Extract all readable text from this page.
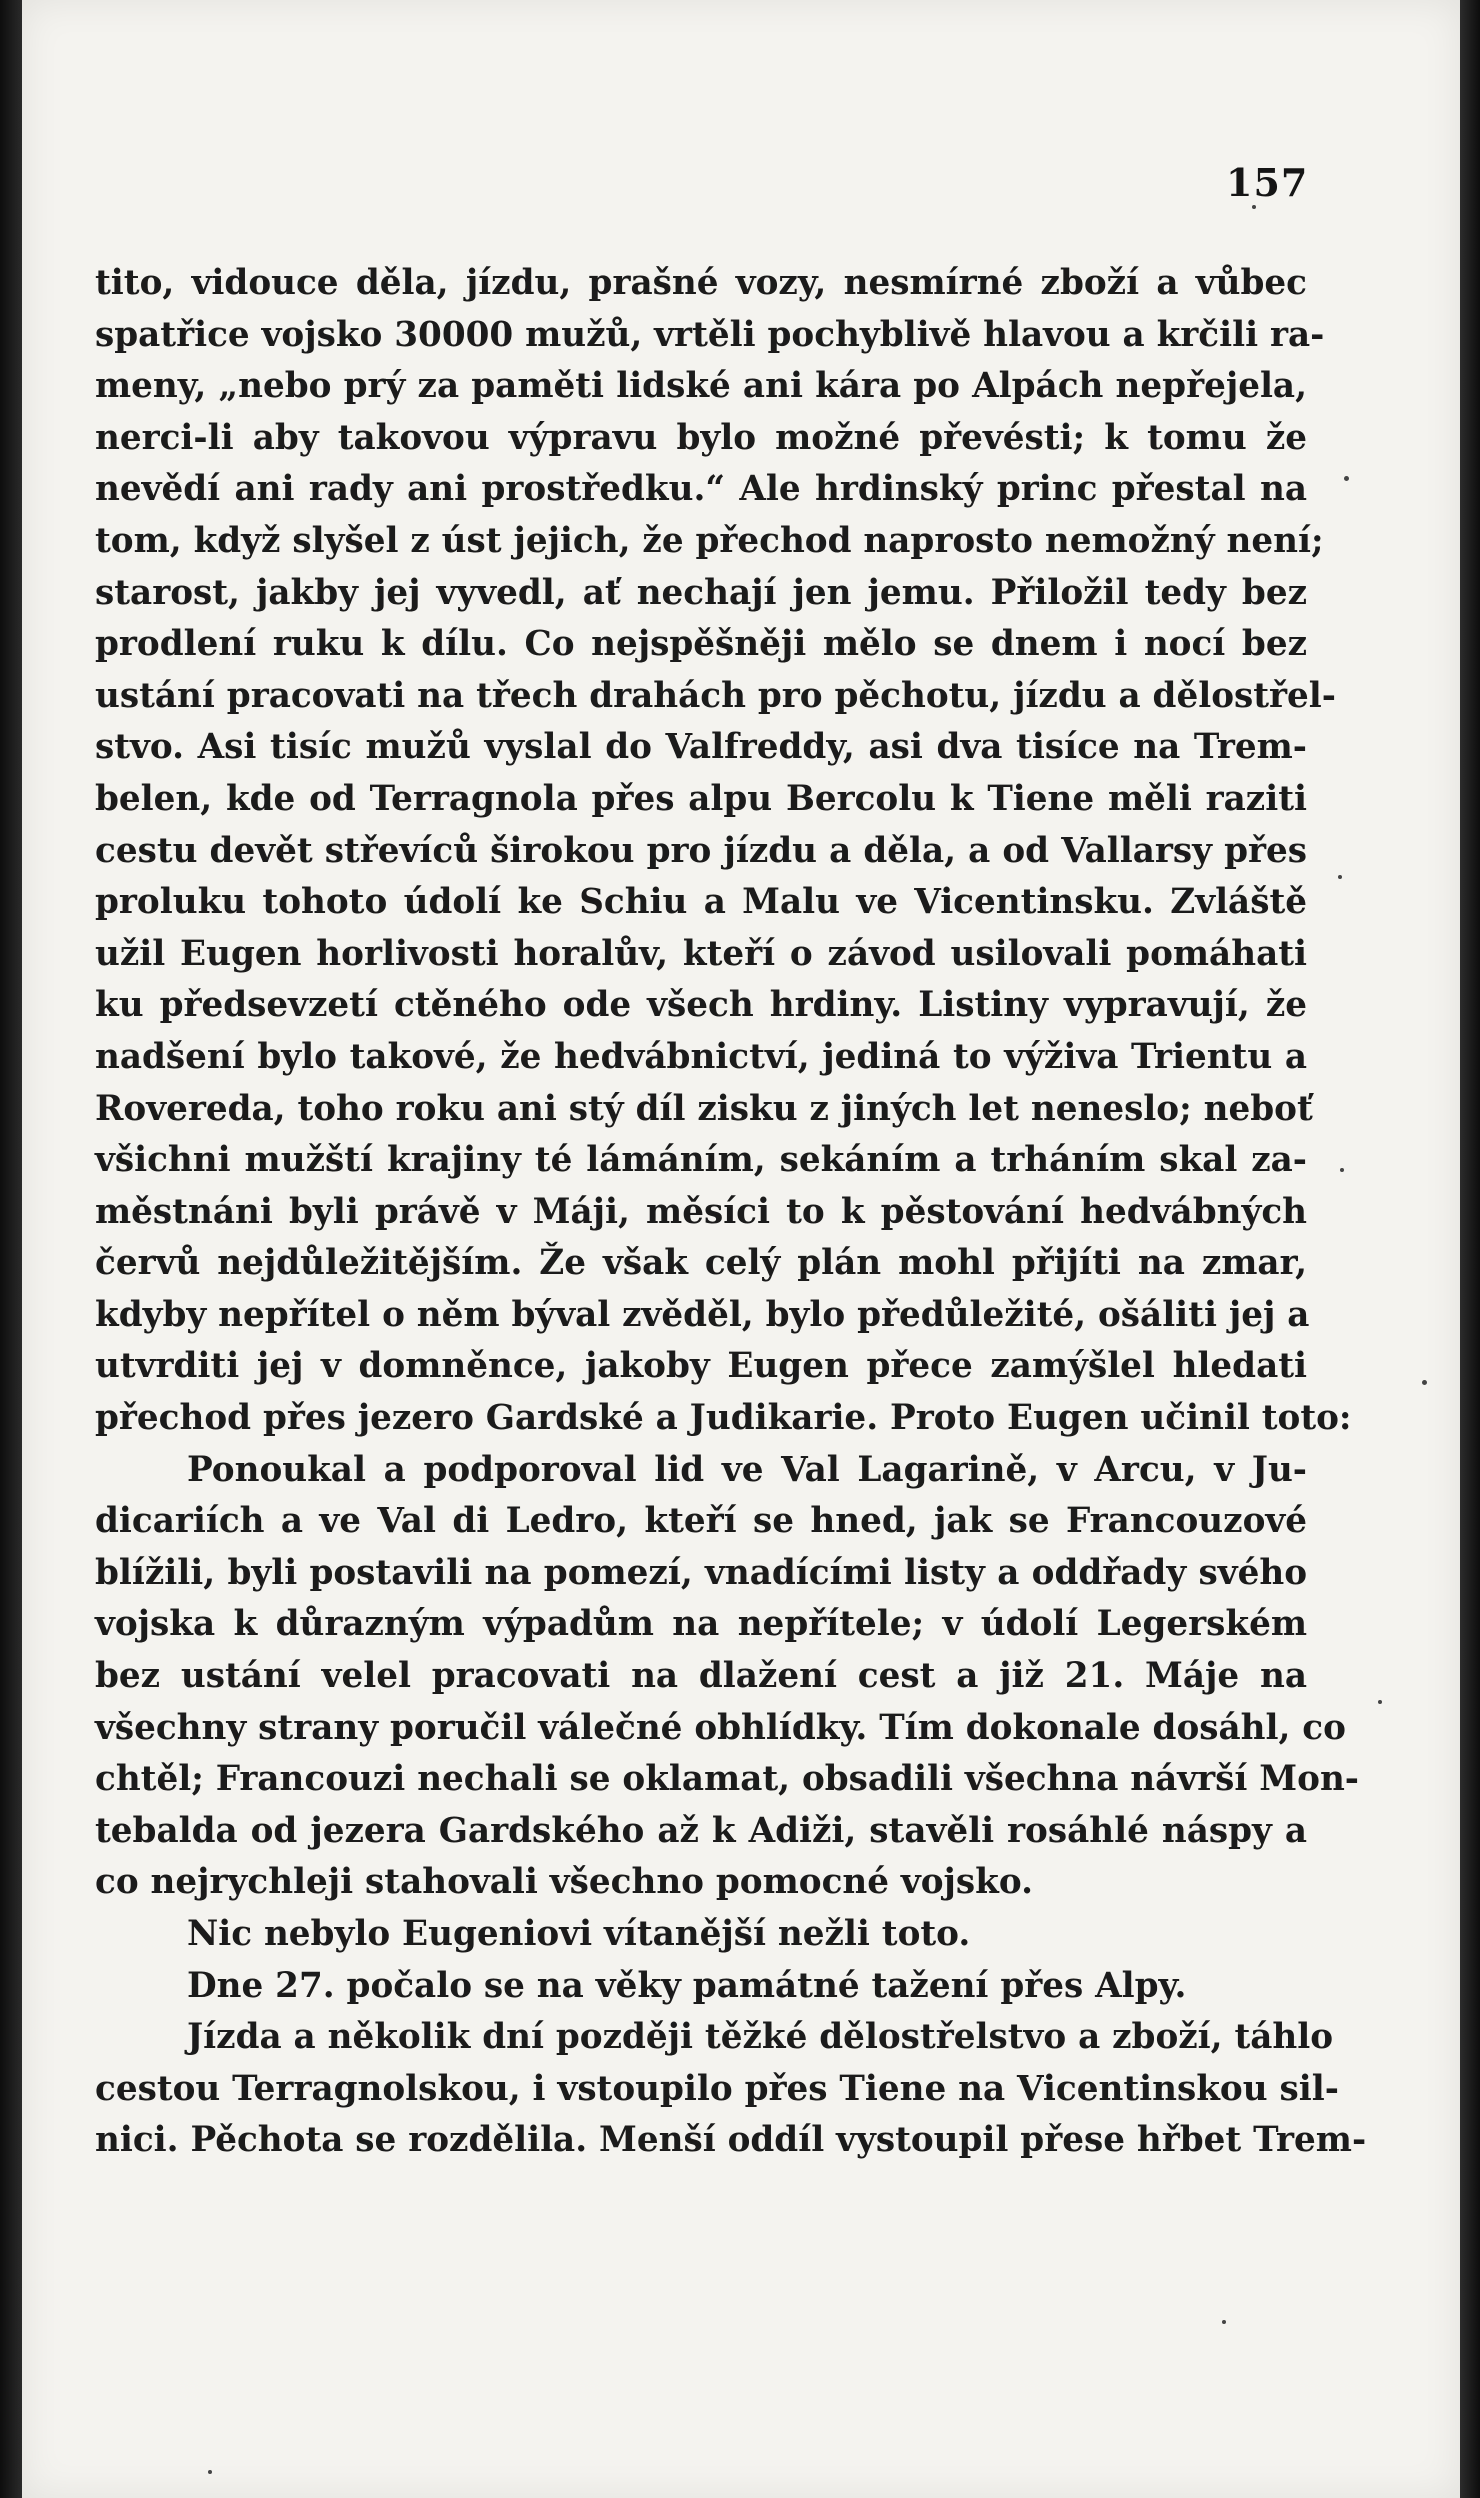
157
tito, vidouce děla, jízdu, prašné vozy, nesmírné zboží a vůbec
spatřice vojsko 30000 mužů, vrtěli pochyblivě hlavou a krčili ra-
meny, „nebo prý za paměti lidské ani kára po Alpách nepřejela,
nerci-li aby takovou výpravu bylo možné převésti; k tomu že
nevědí ani rady ani prostředku.“ Ale hrdinský princ přestal na
tom, když slyšel z úst jejich, že přechod naprosto nemožný není;
starost, jakby jej vyvedl, ať nechají jen jemu. Přiložil tedy bez
prodlení ruku k dílu. Co nejspěšněji mělo se dnem i nocí bez
ustání pracovati na třech drahách pro pěchotu, jízdu a dělostřel-
stvo. Asi tisíc mužů vyslal do Valfreddy, asi dva tisíce na Trem-
belen, kde od Terragnola přes alpu Bercolu k Tiene měli raziti
cestu devět střevíců širokou pro jízdu a děla, a od Vallarsy přes
proluku tohoto údolí ke Schiu a Malu ve Vicentinsku. Zvláště
užil Eugen horlivosti horalův, kteří o závod usilovali pomáhati
ku předsevzetí ctěného ode všech hrdiny. Listiny vypravují, že
nadšení bylo takové, že hedvábnictví, jediná to výživa Trientu a
Rovereda, toho roku ani stý díl zisku z jiných let neneslo; neboť
všichni mužští krajiny té lámáním, sekáním a trháním skal za-
městnáni byli právě v Máji, měsíci to k pěstování hedvábných
červů nejdůležitějším. Že však celý plán mohl přijíti na zmar,
kdyby nepřítel o něm býval zvěděl, bylo předůležité, ošáliti jej a
utvrditi jej v domněnce, jakoby Eugen přece zamýšlel hledati
přechod přes jezero Gardské a Judikarie. Proto Eugen učinil toto:
Ponoukal a podporoval lid ve Val Lagarině, v Arcu, v Ju-
dicariích a ve Val di Ledro, kteří se hned, jak se Francouzové
blížili, byli postavili na pomezí, vnadícími listy a oddřady svého
vojska k důrazným výpadům na nepřítele; v údolí Legerském
bez ustání velel pracovati na dlažení cest a již 21. Máje na
všechny strany poručil válečné obhlídky. Tím dokonale dosáhl, co
chtěl; Francouzi nechali se oklamat, obsadili všechna návrší Mon-
tebalda od jezera Gardského až k Adiži, stavěli rosáhlé náspy a
co nejrychleji stahovali všechno pomocné vojsko.
Nic nebylo Eugeniovi vítanější nežli toto.
Dne 27. počalo se na věky památné tažení přes Alpy.
Jízda a několik dní později těžké dělostřelstvo a zboží, táhlo
cestou Terragnolskou, i vstoupilo přes Tiene na Vicentinskou sil-
nici. Pěchota se rozdělila. Menší oddíl vystoupil přese hřbet Trem-
